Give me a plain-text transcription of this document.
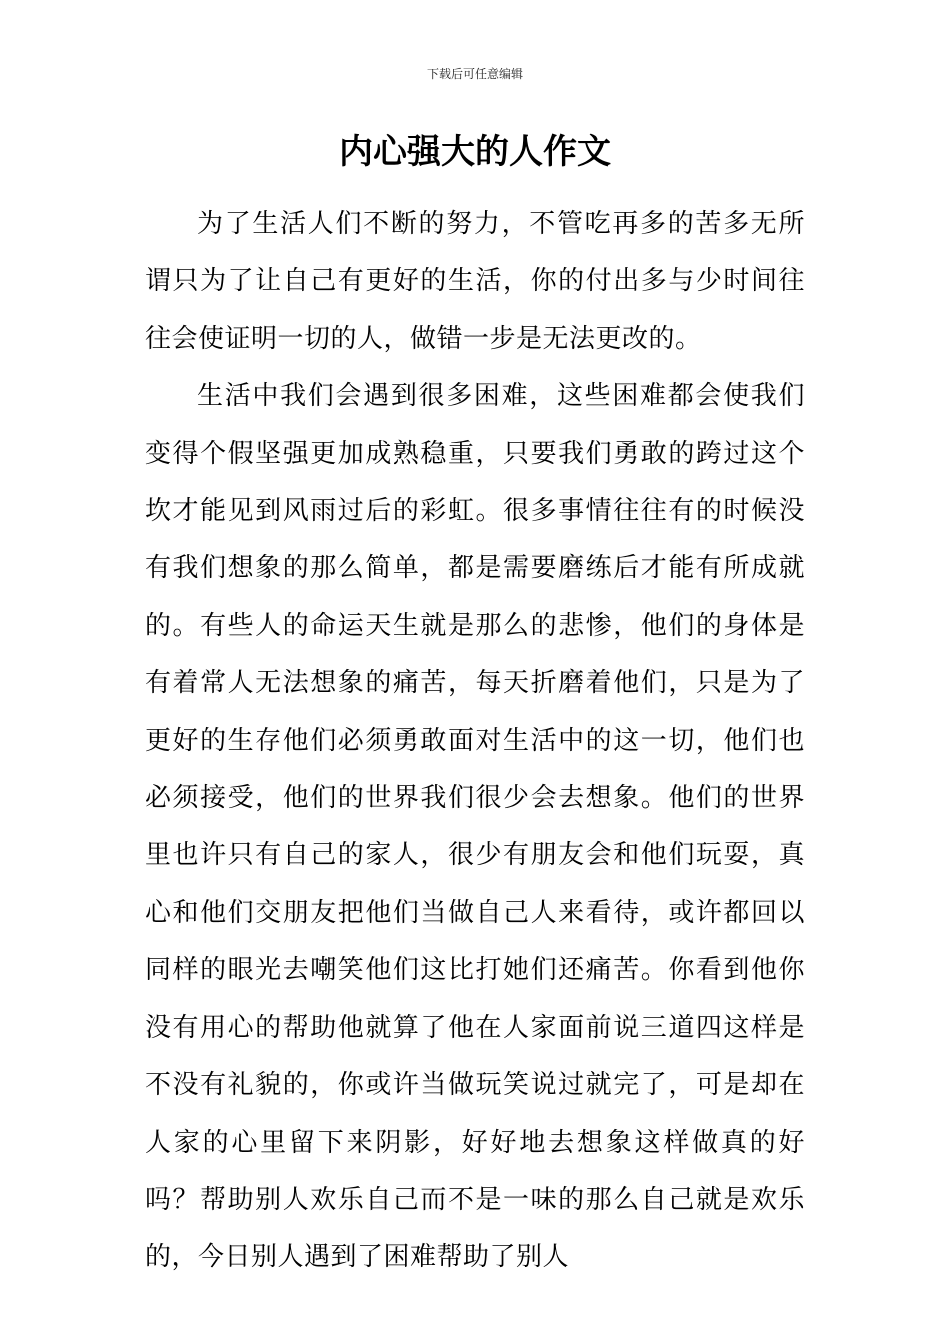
下载后可任意编辑
内心强大的人作文

为了生活人们不断的努力，不管吃再多的苦多无所谓只为了让自己有更好的生活，你的付出多与少时间往往会使证明一切的人，做错一步是无法更改的。

生活中我们会遇到很多困难，这些困难都会使我们变得个假坚强更加成熟稳重，只要我们勇敢的跨过这个坎才能见到风雨过后的彩虹。很多事情往往有的时候没有我们想象的那么简单，都是需要磨练后才能有所成就的。有些人的命运天生就是那么的悲惨，他们的身体是有着常人无法想象的痛苦，每天折磨着他们，只是为了更好的生存他们必须勇敢面对生活中的这一切，他们也必须接受，他们的世界我们很少会去想象。他们的世界里也许只有自己的家人，很少有朋友会和他们玩耍，真心和他们交朋友把他们当做自己人来看待，或许都回以同样的眼光去嘲笑他们这比打她们还痛苦。你看到他你没有用心的帮助他就算了他在人家面前说三道四这样是不没有礼貌的，你或许当做玩笑说过就完了，可是却在人家的心里留下来阴影，好好地去想象这样做真的好吗？帮助别人欢乐自己而不是一味的那么自己就是欢乐的，今日别人遇到了困难帮助了别人
